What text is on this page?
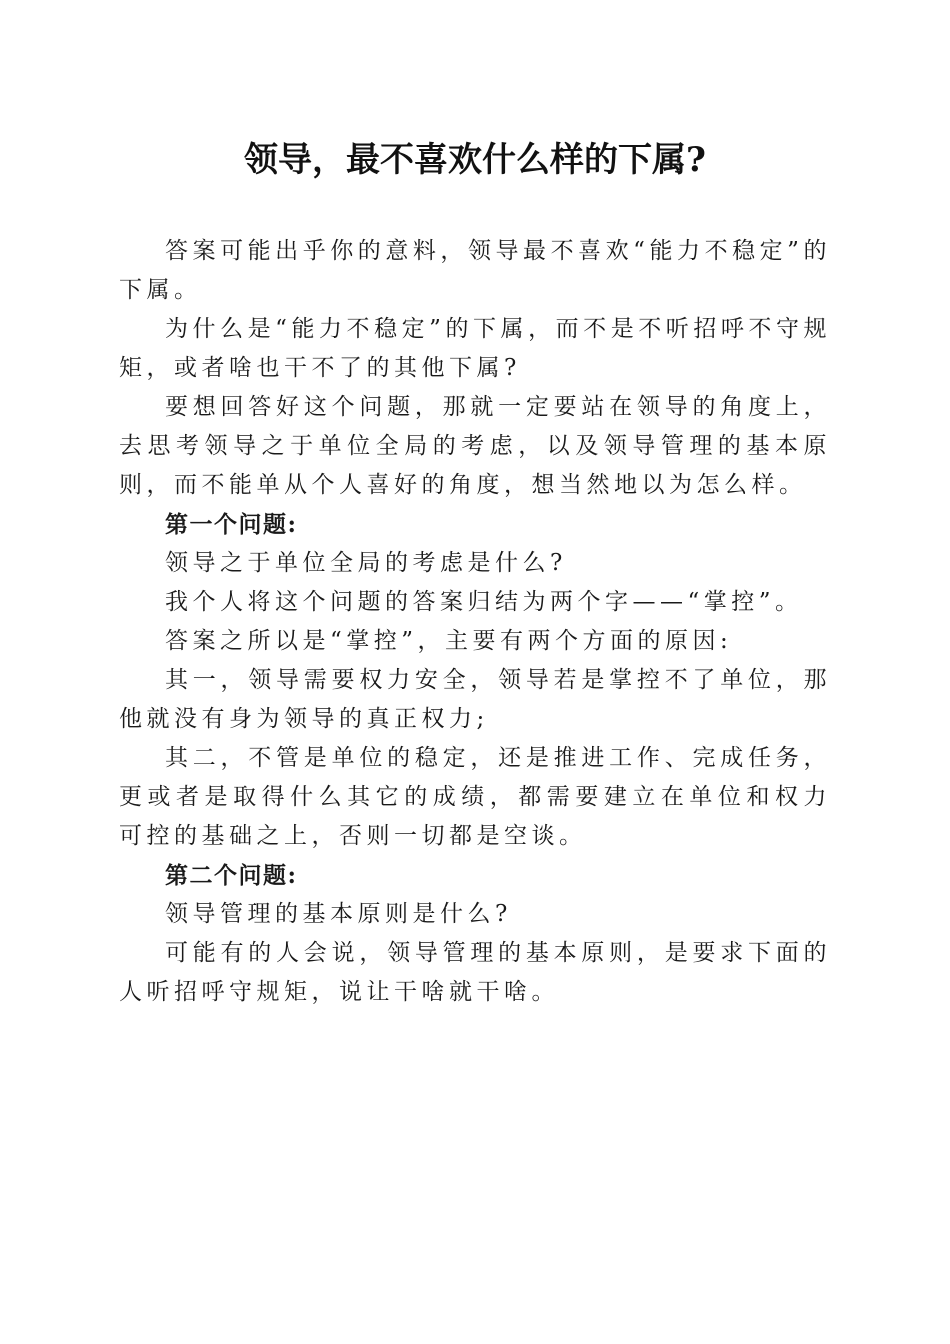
领导，最不喜欢什么样的下属?

答案可能出乎你的意料，领导最不喜欢“能力不稳定”的下属。

为什么是“能力不稳定”的下属，而不是不听招呼不守规矩，或者啥也干不了的其他下属?

要想回答好这个问题，那就一定要站在领导的角度上，去思考领导之于单位全局的考虑，以及领导管理的基本原则，而不能单从个人喜好的角度，想当然地以为怎么样。

第一个问题:

领导之于单位全局的考虑是什么?

我个人将这个问题的答案归结为两个字——“掌控”。

答案之所以是“掌控”，主要有两个方面的原因:

其一，领导需要权力安全，领导若是掌控不了单位，那他就没有身为领导的真正权力;

其二，不管是单位的稳定，还是推进工作、完成任务，更或者是取得什么其它的成绩，都需要建立在单位和权力可控的基础之上，否则一切都是空谈。

第二个问题:

领导管理的基本原则是什么?

可能有的人会说，领导管理的基本原则，是要求下面的人听招呼守规矩，说让干啥就干啥。
